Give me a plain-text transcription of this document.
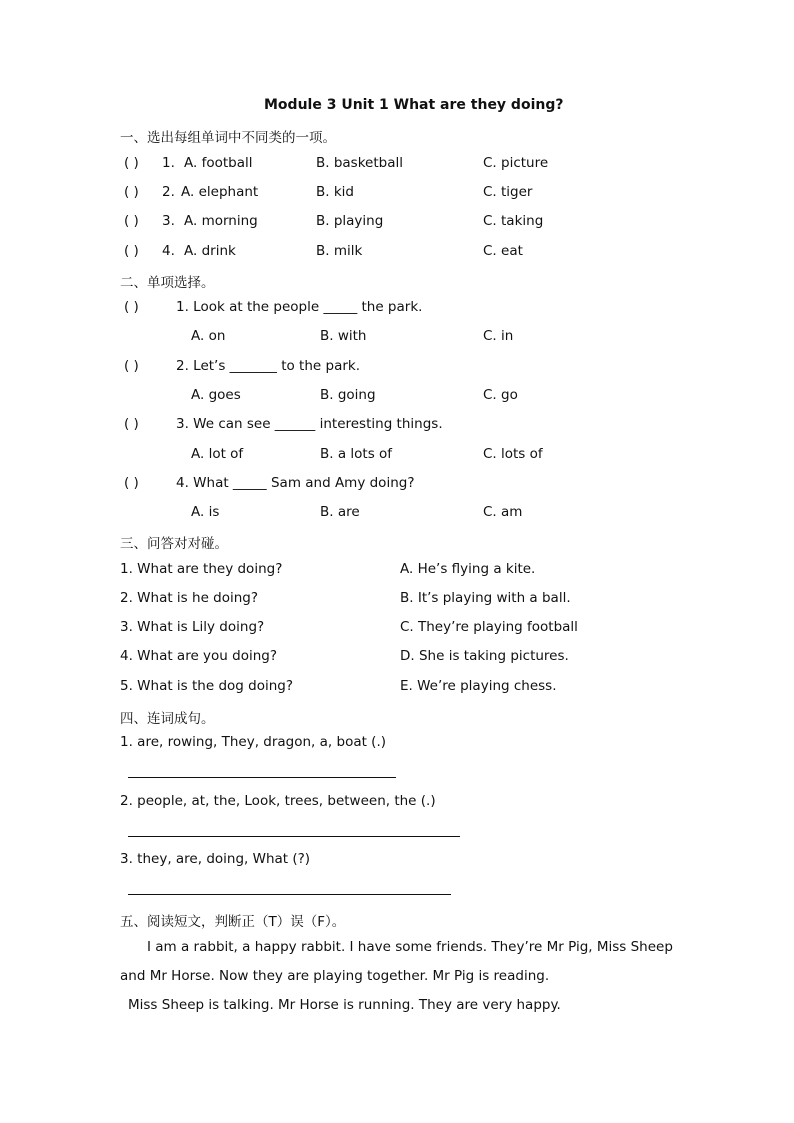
Module 3 Unit 1 What are they doing?
一、选出每组单词中不同类的一项。
( ) 1. A. football	B. basketball	C. picture
( ) 2. A. elephant	B. kid	C. tiger
( ) 3. A. morning	B. playing	C. taking
( ) 4. A. drink	B. milk	C. eat
二、单项选择。
( )	1. Look at the people _____ the park.
A. on	B. with	C. in
( )	2. Let’s _______ to the park.
A. goes	B. going	C. go
( )	3. We can see ______ interesting things.
A. lot of	B. a lots of	C. lots of
( )	4. What _____ Sam and Amy doing?
A. is	B. are	C. am
三、问答对对碰。
1. What are they doing?	A. He’s flying a kite.
2. What is he doing?	B. It’s playing with a ball.
3. What is Lily doing?	C. They’re playing football
4. What are you doing?	D. She is taking pictures.
5. What is the dog doing?	E. We’re playing chess.
四、连词成句。
1. are, rowing, They, dragon, a, boat (.)
2. people, at, the, Look, trees, between, the (.)
3. they, are, doing, What (?)
五、阅读短文，判断正（T）误（F）。
I am a rabbit, a happy rabbit. I have some friends. They’re Mr Pig, Miss Sheep
and Mr Horse. Now they are playing together. Mr Pig is reading.
Miss Sheep is talking. Mr Horse is running. They are very happy.
